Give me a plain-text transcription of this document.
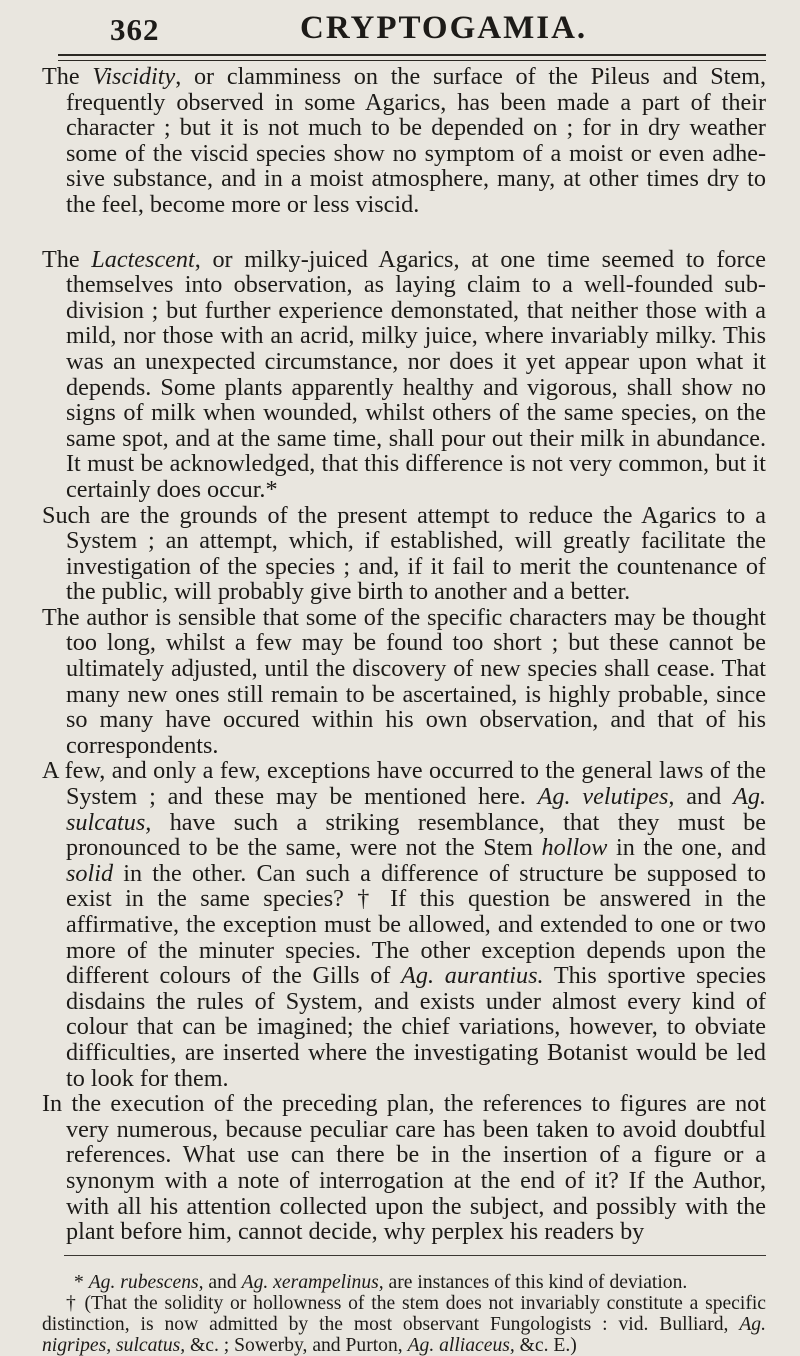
362	CRYPTOGAMIA.

The Viscidity, or clamminess on the surface of the Pileus and Stem, frequently observed in some Agarics, has been made a part of their character ; but it is not much to be depended on ; for in dry weather some of the viscid species show no symptom of a moist or even adhe-sive substance, and in a moist atmosphere, many, at other times dry to the feel, become more or less viscid.

The Lactescent, or milky-juiced Agarics, at one time seemed to force themselves into observation, as laying claim to a well-founded sub-division ; but further experience demonstated, that neither those with a mild, nor those with an acrid, milky juice, where invariably milky. This was an unexpected circumstance, nor does it yet appear upon what it depends. Some plants apparently healthy and vigorous, shall show no signs of milk when wounded, whilst others of the same species, on the same spot, and at the same time, shall pour out their milk in abundance. It must be acknowledged, that this difference is not very common, but it certainly does occur.*

Such are the grounds of the present attempt to reduce the Agarics to a System ; an attempt, which, if established, will greatly facilitate the investigation of the species ; and, if it fail to merit the countenance of the public, will probably give birth to another and a better.

The author is sensible that some of the specific characters may be thought too long, whilst a few may be found too short ; but these cannot be ultimately adjusted, until the discovery of new species shall cease. That many new ones still remain to be ascertained, is highly probable, since so many have occured within his own observation, and that of his correspondents.

A few, and only a few, exceptions have occurred to the general laws of the System ; and these may be mentioned here. Ag. velutipes, and Ag. sulcatus, have such a striking resemblance, that they must be pronounced to be the same, were not the Stem hollow in the one, and solid in the other. Can such a difference of structure be supposed to exist in the same species? † If this question be answered in the affirmative, the exception must be allowed, and extended to one or two more of the minuter species. The other exception depends upon the different colours of the Gills of Ag. aurantius. This sportive species disdains the rules of System, and exists under almost every kind of colour that can be imagined; the chief variations, however, to obviate difficulties, are inserted where the investigating Botanist would be led to look for them.

In the execution of the preceding plan, the references to figures are not very numerous, because peculiar care has been taken to avoid doubtful references. What use can there be in the insertion of a figure or a synonym with a note of interrogation at the end of it? If the Author, with all his attention collected upon the subject, and possibly with the plant before him, cannot decide, why perplex his readers by

* Ag. rubescens, and Ag. xerampelinus, are instances of this kind of deviation.

† (That the solidity or hollowness of the stem does not invariably constitute a specific distinction, is now admitted by the most observant Fungologists : vid. Bulliard, Ag. nigripes, sulcatus, &c. ; Sowerby, and Purton, Ag. alliaceus, &c. E.)
